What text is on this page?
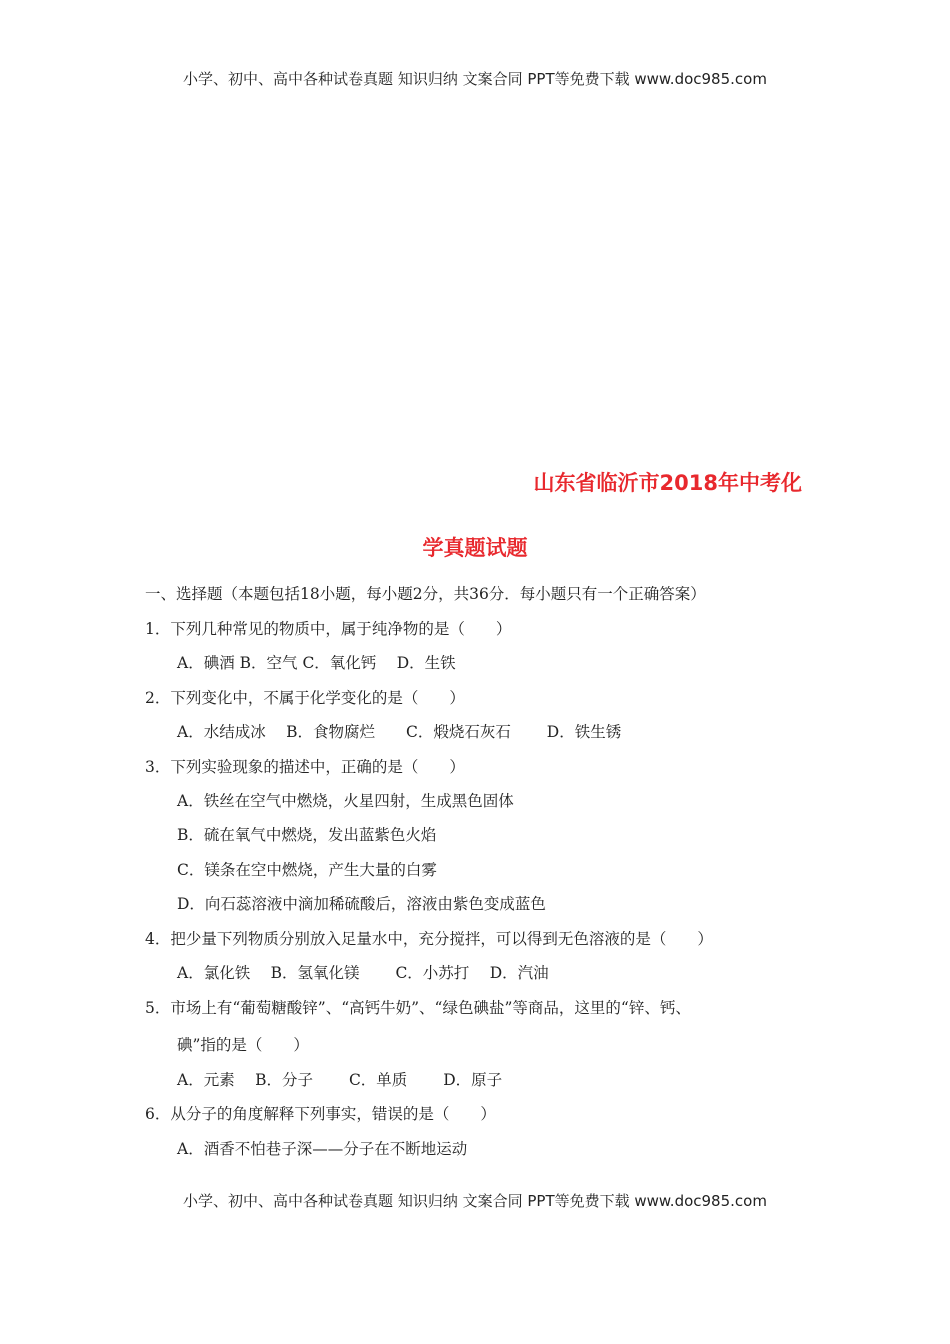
小学、初中、高中各种试卷真题 知识归纳 文案合同 PPT等免费下载 www.doc985.com
山东省临沂市2018年中考化
学真题试题
一、选择题（本题包括18小题，每小题2分，共36分．每小题只有一个正确答案）
1．下列几种常见的物质中，属于纯净物的是（　　）
A．碘酒 B．空气 C．氧化钙　 D．生铁
2．下列变化中，不属于化学变化的是（　　）
A．水结成冰　 B．食物腐烂　　C．煅烧石灰石　　 D．铁生锈
3．下列实验现象的描述中，正确的是（　　）
A．铁丝在空气中燃烧，火星四射，生成黑色固体
B．硫在氧气中燃烧，发出蓝紫色火焰
C．镁条在空中燃烧，产生大量的白雾
D．向石蕊溶液中滴加稀硫酸后，溶液由紫色变成蓝色
4．把少量下列物质分别放入足量水中，充分搅拌，可以得到无色溶液的是（　　）
A．氯化铁　 B．氢氧化镁　　 C．小苏打　 D．汽油
5．市场上有“葡萄糖酸锌”、“高钙牛奶”、“绿色碘盐”等商品，这里的“锌、钙、
碘”指的是（　　）
A．元素　 B．分子　　 C．单质　　 D．原子
6．从分子的角度解释下列事实，错误的是（　　）
A．酒香不怕巷子深——分子在不断地运动
小学、初中、高中各种试卷真题 知识归纳 文案合同 PPT等免费下载 www.doc985.com
